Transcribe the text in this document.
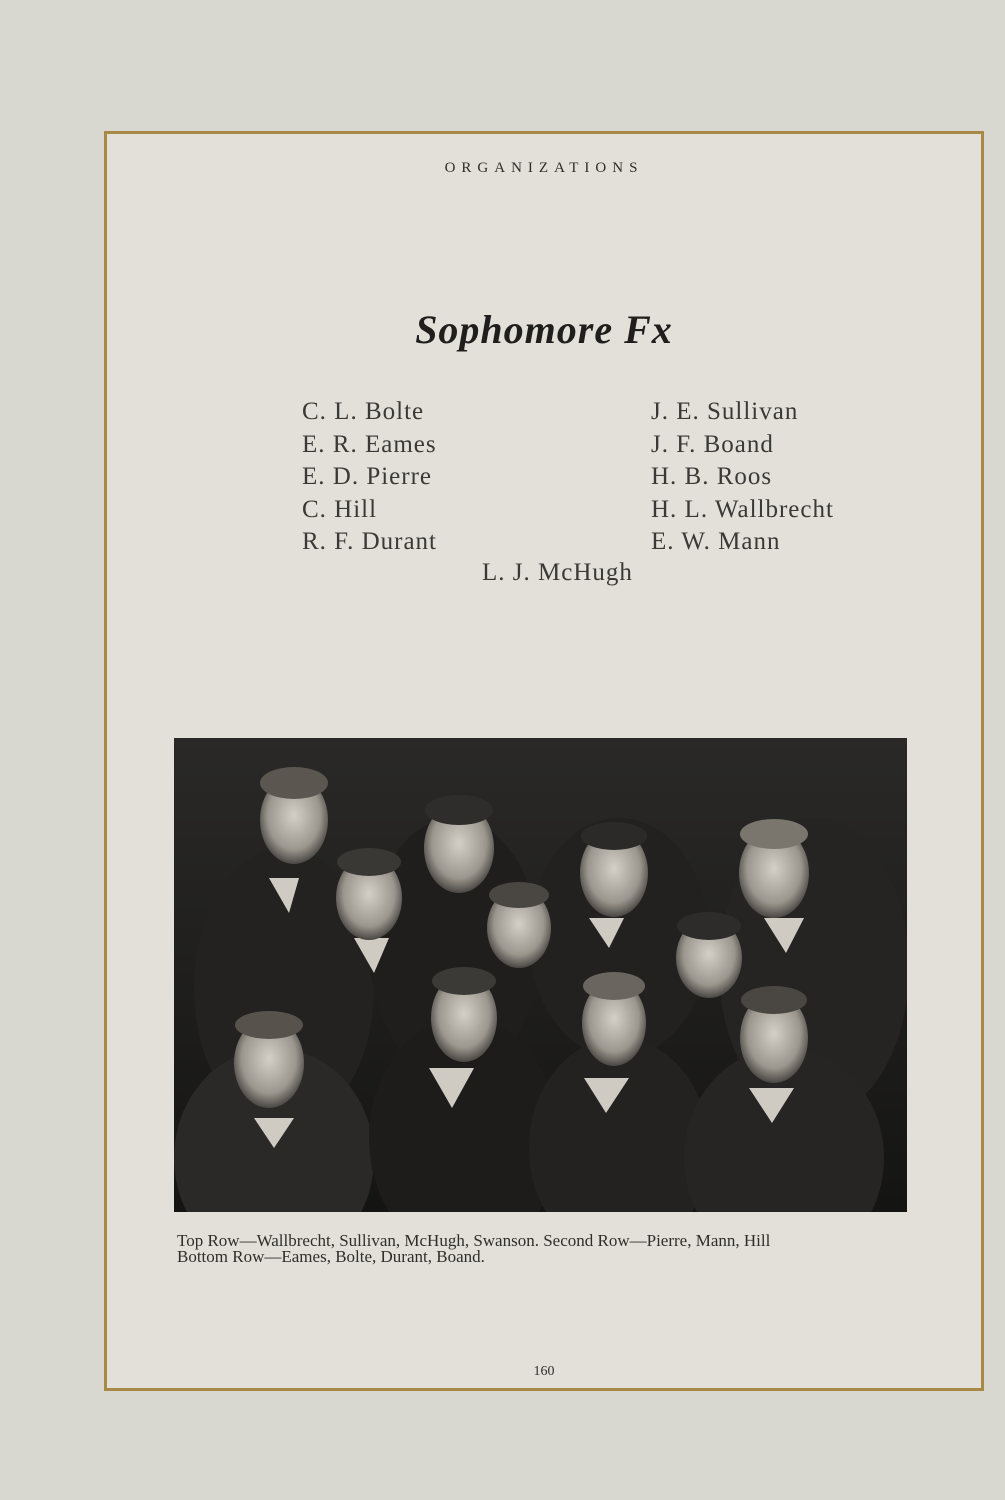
ORGANIZATIONS
Sophomore Fx
C. L. Bolte
E. R. Eames
E. D. Pierre
C. Hill
R. F. Durant
J. E. Sullivan
J. F. Boand
H. B. Roos
H. L. Wallbrecht
E. W. Mann
L. J. McHugh
Top Row—Wallbrecht, Sullivan, McHugh, Swanson. Second Row—Pierre, Mann, Hill
Bottom Row—Eames, Bolte, Durant, Boand.
160
